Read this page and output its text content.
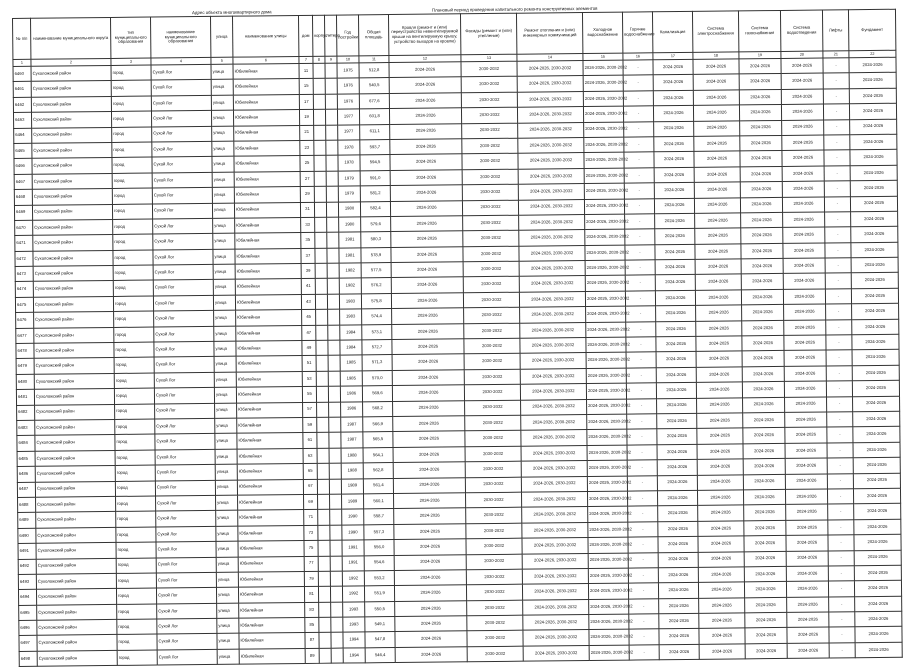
Адрес объекта многоквартирного дома	Плановый период проведения капитального ремонта конструктивных элементов
№ п/п	наименование муниципального округа	тип муниципального образования	наименование муниципального образования	улица	наименование улицы	дом	корпус	литера	Год постройки	Общая площадь	Кровля (ремонт и (или) переустройство невентилируемой крыши на вентилируемую крышу, устройство выходов на кровлю)	Фасады (ремонт и (или) утепление)	Ремонт отопления и (или) инженерных коммуникаций	Холодное водоснабжение	Горячее водоснабжение	Канализация	Система электроснабжения	Система газоснабжения	Система водоотведения	Лифты	Фундамент
1	2	3	4	5	6	7	8	9	10	11	12	13	14	15	16	17	18	19	20	21	22
6460	Сухоложский район	город	Сухой Лог	улица	Юбилейная	11			1975	512,8	2024-2026	2030-2032	2024-2026, 2030-2032	2024-2026, 2030-2032	-	2024-2026	2024-2026	2024-2026	2024-2026	-	2024-2026
6461	Сухоложский район	город	Сухой Лог	улица	Юбилейная	15			1976	540,5	2024-2026	2030-2032	2024-2026, 2030-2032	2024-2026, 2030-2032	-	2024-2026	2024-2026	2024-2026	2024-2026	-	2024-2026
6462	Сухоложский район	город	Сухой Лог	улица	Юбилейная	17			1976	677,6	2024-2026	2030-2032	2024-2026, 2030-2032	2024-2026, 2030-2032	-	2024-2026	2024-2026	2024-2026	2024-2026	-	2024-2026
6463	Сухоложский район	город	Сухой Лог	улица	Юбилейная	19			1977	601,8	2024-2026	2030-2032	2024-2026, 2030-2032	2024-2026, 2030-2032	-	2024-2026	2024-2026	2024-2026	2024-2026	-	2024-2026
6464	Сухоложский район	город	Сухой Лог	улица	Юбилейная	21			1977	611,1	2024-2026	2030-2032	2024-2026, 2030-2032	2024-2026, 2030-2032	-	2024-2026	2024-2026	2024-2026	2024-2026	-	2024-2026
6465	Сухоложский район	город	Сухой Лог	улица	Юбилейная	23			1978	593,7	2024-2026	2030-2032	2024-2026, 2030-2032	2024-2026, 2030-2032	-	2024-2026	2024-2026	2024-2026	2024-2026	-	2024-2026
6466	Сухоложский район	город	Сухой Лог	улица	Юбилейная	25			1978	594,5	2024-2026	2030-2032	2024-2026, 2030-2032	2024-2026, 2030-2032	-	2024-2026	2024-2026	2024-2026	2024-2026	-	2024-2026
6467	Сухоложский район	город	Сухой Лог	улица	Юбилейная	27			1979	591,0	2024-2026	2030-2032	2024-2026, 2030-2032	2024-2026, 2030-2032	-	2024-2026	2024-2026	2024-2026	2024-2026	-	2024-2026
6468	Сухоложский район	город	Сухой Лог	улица	Юбилейная	29			1979	581,2	2024-2026	2030-2032	2024-2026, 2030-2032	2024-2026, 2030-2032	-	2024-2026	2024-2026	2024-2026	2024-2026	-	2024-2026
6469	Сухоложский район	город	Сухой Лог	улица	Юбилейная	31			1980	582,4	2024-2026	2030-2032	2024-2026, 2030-2032	2024-2026, 2030-2032	-	2024-2026	2024-2026	2024-2026	2024-2026	-	2024-2026
6470	Сухоложский район	город	Сухой Лог	улица	Юбилейная	33			1980	579,6	2024-2026	2030-2032	2024-2026, 2030-2032	2024-2026, 2030-2032	-	2024-2026	2024-2026	2024-2026	2024-2026	-	2024-2026
6471	Сухоложский район	город	Сухой Лог	улица	Юбилейная	35			1981	580,3	2024-2026	2030-2032	2024-2026, 2030-2032	2024-2026, 2030-2032	-	2024-2026	2024-2026	2024-2026	2024-2026	-	2024-2026
6472	Сухоложский район	город	Сухой Лог	улица	Юбилейная	37			1981	578,9	2024-2026	2030-2032	2024-2026, 2030-2032	2024-2026, 2030-2032	-	2024-2026	2024-2026	2024-2026	2024-2026	-	2024-2026
6473	Сухоложский район	город	Сухой Лог	улица	Юбилейная	39			1982	577,5	2024-2026	2030-2032	2024-2026, 2030-2032	2024-2026, 2030-2032	-	2024-2026	2024-2026	2024-2026	2024-2026	-	2024-2026
6474	Сухоложский район	город	Сухой Лог	улица	Юбилейная	41			1982	576,2	2024-2026	2030-2032	2024-2026, 2030-2032	2024-2026, 2030-2032	-	2024-2026	2024-2026	2024-2026	2024-2026	-	2024-2026
6475	Сухоложский район	город	Сухой Лог	улица	Юбилейная	43			1983	575,8	2024-2026	2030-2032	2024-2026, 2030-2032	2024-2026, 2030-2032	-	2024-2026	2024-2026	2024-2026	2024-2026	-	2024-2026
6476	Сухоложский район	город	Сухой Лог	улица	Юбилейная	45			1983	574,4	2024-2026	2030-2032	2024-2026, 2030-2032	2024-2026, 2030-2032	-	2024-2026	2024-2026	2024-2026	2024-2026	-	2024-2026
6477	Сухоложский район	город	Сухой Лог	улица	Юбилейная	47			1984	573,1	2024-2026	2030-2032	2024-2026, 2030-2032	2024-2026, 2030-2032	-	2024-2026	2024-2026	2024-2026	2024-2026	-	2024-2026
6478	Сухоложский район	город	Сухой Лог	улица	Юбилейная	49			1984	572,7	2024-2026	2030-2032	2024-2026, 2030-2032	2024-2026, 2030-2032	-	2024-2026	2024-2026	2024-2026	2024-2026	-	2024-2026
6479	Сухоложский район	город	Сухой Лог	улица	Юбилейная	51			1985	571,3	2024-2026	2030-2032	2024-2026, 2030-2032	2024-2026, 2030-2032	-	2024-2026	2024-2026	2024-2026	2024-2026	-	2024-2026
6480	Сухоложский район	город	Сухой Лог	улица	Юбилейная	53			1985	570,0	2024-2026	2030-2032	2024-2026, 2030-2032	2024-2026, 2030-2032	-	2024-2026	2024-2026	2024-2026	2024-2026	-	2024-2026
6481	Сухоложский район	город	Сухой Лог	улица	Юбилейная	55			1986	569,6	2024-2026	2030-2032	2024-2026, 2030-2032	2024-2026, 2030-2032	-	2024-2026	2024-2026	2024-2026	2024-2026	-	2024-2026
6482	Сухоложский район	город	Сухой Лог	улица	Юбилейная	57			1986	568,2	2024-2026	2030-2032	2024-2026, 2030-2032	2024-2026, 2030-2032	-	2024-2026	2024-2026	2024-2026	2024-2026	-	2024-2026
6483	Сухоложский район	город	Сухой Лог	улица	Юбилейная	59			1987	566,9	2024-2026	2030-2032	2024-2026, 2030-2032	2024-2026, 2030-2032	-	2024-2026	2024-2026	2024-2026	2024-2026	-	2024-2026
6484	Сухоложский район	город	Сухой Лог	улица	Юбилейная	61			1987	565,5	2024-2026	2030-2032	2024-2026, 2030-2032	2024-2026, 2030-2032	-	2024-2026	2024-2026	2024-2026	2024-2026	-	2024-2026
6485	Сухоложский район	город	Сухой Лог	улица	Юбилейная	63			1988	564,1	2024-2026	2030-2032	2024-2026, 2030-2032	2024-2026, 2030-2032	-	2024-2026	2024-2026	2024-2026	2024-2026	-	2024-2026
6486	Сухоложский район	город	Сухой Лог	улица	Юбилейная	65			1988	562,8	2024-2026	2030-2032	2024-2026, 2030-2032	2024-2026, 2030-2032	-	2024-2026	2024-2026	2024-2026	2024-2026	-	2024-2026
6487	Сухоложский район	город	Сухой Лог	улица	Юбилейная	67			1989	561,4	2024-2026	2030-2032	2024-2026, 2030-2032	2024-2026, 2030-2032	-	2024-2026	2024-2026	2024-2026	2024-2026	-	2024-2026
6488	Сухоложский район	город	Сухой Лог	улица	Юбилейная	69			1989	560,1	2024-2026	2030-2032	2024-2026, 2030-2032	2024-2026, 2030-2032	-	2024-2026	2024-2026	2024-2026	2024-2026	-	2024-2026
6489	Сухоложский район	город	Сухой Лог	улица	Юбилейная	71			1990	558,7	2024-2026	2030-2032	2024-2026, 2030-2032	2024-2026, 2030-2032	-	2024-2026	2024-2026	2024-2026	2024-2026	-	2024-2026
6490	Сухоложский район	город	Сухой Лог	улица	Юбилейная	73			1990	557,3	2024-2026	2030-2032	2024-2026, 2030-2032	2024-2026, 2030-2032	-	2024-2026	2024-2026	2024-2026	2024-2026	-	2024-2026
6491	Сухоложский район	город	Сухой Лог	улица	Юбилейная	75			1991	556,0	2024-2026	2030-2032	2024-2026, 2030-2032	2024-2026, 2030-2032	-	2024-2026	2024-2026	2024-2026	2024-2026	-	2024-2026
6492	Сухоложский район	город	Сухой Лог	улица	Юбилейная	77			1991	554,6	2024-2026	2030-2032	2024-2026, 2030-2032	2024-2026, 2030-2032	-	2024-2026	2024-2026	2024-2026	2024-2026	-	2024-2026
6493	Сухоложский район	город	Сухой Лог	улица	Юбилейная	79			1992	553,2	2024-2026	2030-2032	2024-2026, 2030-2032	2024-2026, 2030-2032	-	2024-2026	2024-2026	2024-2026	2024-2026	-	2024-2026
6494	Сухоложский район	город	Сухой Лог	улица	Юбилейная	81			1992	551,9	2024-2026	2030-2032	2024-2026, 2030-2032	2024-2026, 2030-2032	-	2024-2026	2024-2026	2024-2026	2024-2026	-	2024-2026
6495	Сухоложский район	город	Сухой Лог	улица	Юбилейная	83			1993	550,5	2024-2026	2030-2032	2024-2026, 2030-2032	2024-2026, 2030-2032	-	2024-2026	2024-2026	2024-2026	2024-2026	-	2024-2026
6496	Сухоложский район	город	Сухой Лог	улица	Юбилейная	85			1993	549,1	2024-2026	2030-2032	2024-2026, 2030-2032	2024-2026, 2030-2032	-	2024-2026	2024-2026	2024-2026	2024-2026	-	2024-2026
6497	Сухоложский район	город	Сухой Лог	улица	Юбилейная	87			1994	547,8	2024-2026	2030-2032	2024-2026, 2030-2032	2024-2026, 2030-2032	-	2024-2026	2024-2026	2024-2026	2024-2026	-	2024-2026
6498	Сухоложский район	город	Сухой Лог	улица	Юбилейная	89			1994	546,4	2024-2026	2030-2032	2024-2026, 2030-2032	2024-2026, 2030-2032	-	2024-2026	2024-2026	2024-2026	2024-2026	-	2024-2026
